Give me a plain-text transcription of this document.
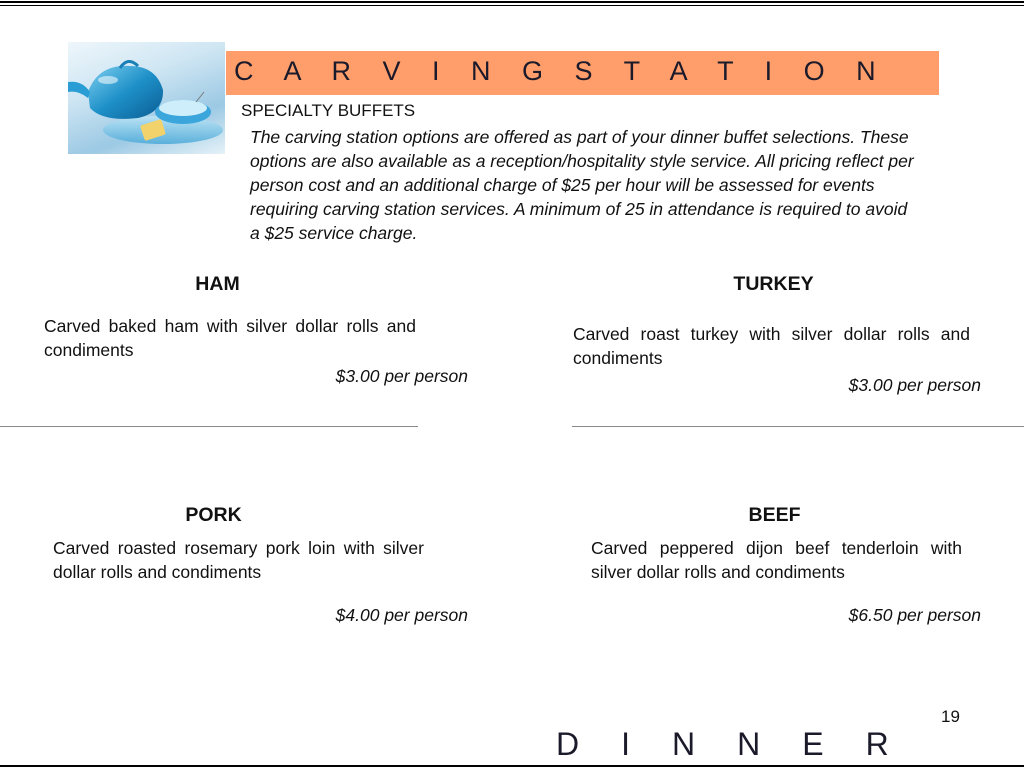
C A R V I N G S T A T I O N
SPECIALTY BUFFETS

The carving station options are offered as part of your dinner buffet selections. These options are also available as a reception/hospitality style service. All pricing reflect per person cost and an additional charge of $25 per hour will be assessed for events requiring carving station services. A minimum of 25 in attendance is required to avoid a $25 service charge.

HAM

Carved baked ham with silver dollar rolls and condiments

$3.00 per person
TURKEY

Carved roast turkey with silver dollar rolls and condiments

$3.00 per person
PORK

Carved roasted rosemary pork loin with silver dollar rolls and condiments

$4.00 per person
BEEF

Carved peppered dijon beef tenderloin with silver dollar rolls and condiments

$6.50 per person
19
DINNER
